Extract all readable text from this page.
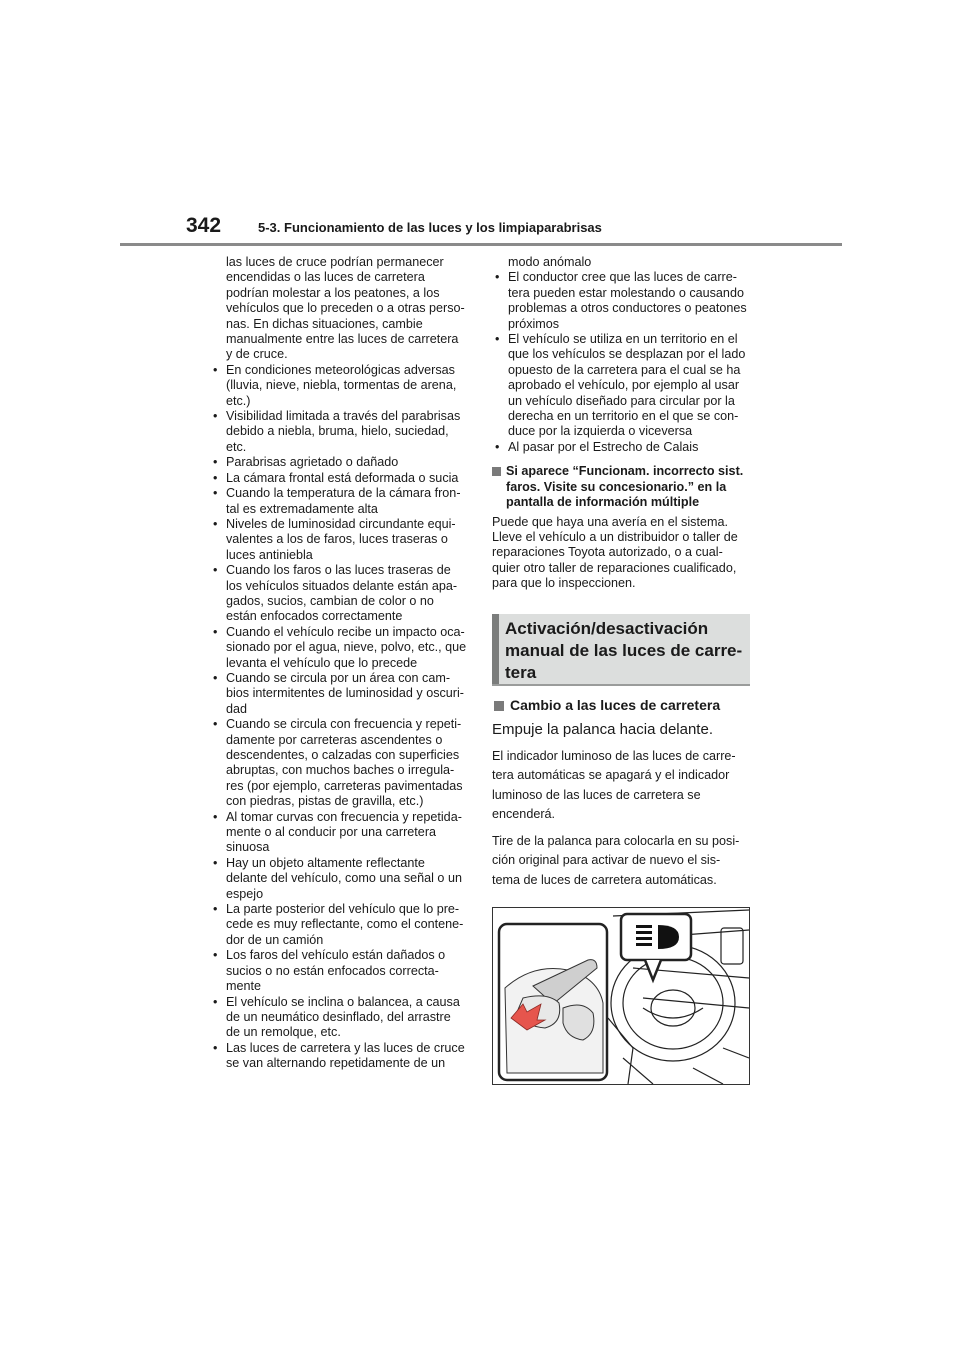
342	5-3. Funcionamiento de las luces y los limpiaparabrisas
las luces de cruce podrían permanecer
encendidas o las luces de carretera
podrían molestar a los peatones, a los
vehículos que lo preceden o a otras perso-
nas. En dichas situaciones, cambie
manualmente entre las luces de carretera
y de cruce.
• En condiciones meteorológicas adversas
(lluvia, nieve, niebla, tormentas de arena,
etc.)
• Visibilidad limitada a través del parabrisas
debido a niebla, bruma, hielo, suciedad,
etc.
• Parabrisas agrietado o dañado
• La cámara frontal está deformada o sucia
• Cuando la temperatura de la cámara fron-
tal es extremadamente alta
• Niveles de luminosidad circundante equi-
valentes a los de faros, luces traseras o
luces antiniebla
• Cuando los faros o las luces traseras de
los vehículos situados delante están apa-
gados, sucios, cambian de color o no
están enfocados correctamente
• Cuando el vehículo recibe un impacto oca-
sionado por el agua, nieve, polvo, etc., que
levanta el vehículo que lo precede
• Cuando se circula por un área con cam-
bios intermitentes de luminosidad y oscuri-
dad
• Cuando se circula con frecuencia y repeti-
damente por carreteras ascendentes o
descendentes, o calzadas con superficies
abruptas, con muchos baches o irregula-
res (por ejemplo, carreteras pavimentadas
con piedras, pistas de gravilla, etc.)
• Al tomar curvas con frecuencia y repetida-
mente o al conducir por una carretera
sinuosa
• Hay un objeto altamente reflectante
delante del vehículo, como una señal o un
espejo
• La parte posterior del vehículo que lo pre-
cede es muy reflectante, como el contene-
dor de un camión
• Los faros del vehículo están dañados o
sucios o no están enfocados correcta-
mente
• El vehículo se inclina o balancea, a causa
de un neumático desinflado, del arrastre
de un remolque, etc.
• Las luces de carretera y las luces de cruce
se van alternando repetidamente de un
modo anómalo
• El conductor cree que las luces de carre-
tera pueden estar molestando o causando
problemas a otros conductores o peatones
próximos
• El vehículo se utiliza en un territorio en el
que los vehículos se desplazan por el lado
opuesto de la carretera para el cual se ha
aprobado el vehículo, por ejemplo al usar
un vehículo diseñado para circular por la
derecha en un territorio en el que se con-
duce por la izquierda o viceversa
• Al pasar por el Estrecho de Calais
Si aparece “Funcionam. incorrecto sist.
faros. Visite su concesionario.” en la
pantalla de información múltiple
Puede que haya una avería en el sistema.
Lleve el vehículo a un distribuidor o taller de
reparaciones Toyota autorizado, o a cual-
quier otro taller de reparaciones cualificado,
para que lo inspeccionen.
Activación/desactivación
manual de las luces de carre-
tera
Cambio a las luces de carretera
Empuje la palanca hacia delante.
El indicador luminoso de las luces de carre-
tera automáticas se apagará y el indicador
luminoso de las luces de carretera se
encenderá.
Tire de la palanca para colocarla en su posi-
ción original para activar de nuevo el sis-
tema de luces de carretera automáticas.
